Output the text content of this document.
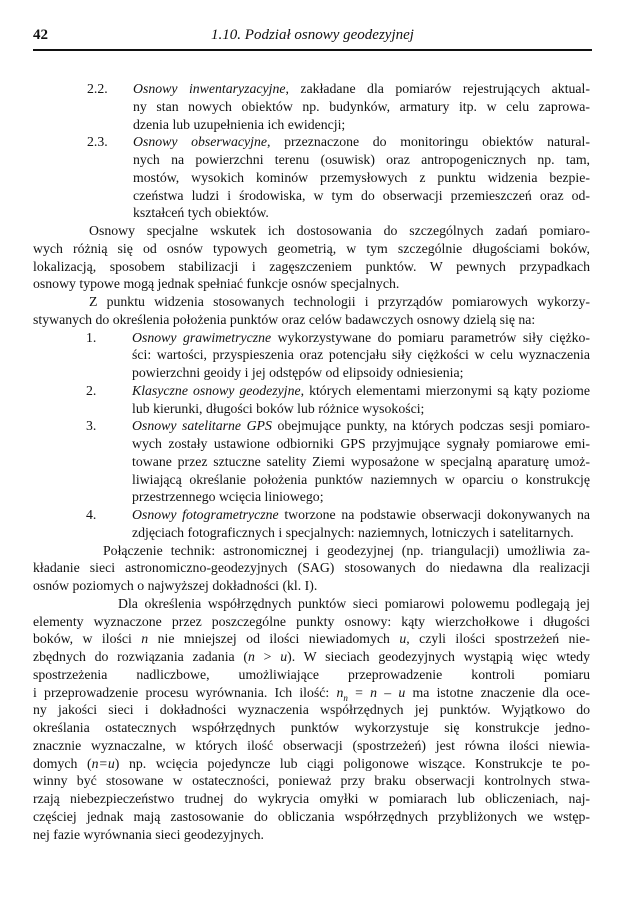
42	1.10. Podział osnowy geodezyjnej
2.2.	Osnowy inwentaryzacyjne, zakładane dla pomiarów rejestrujących aktual-
ny stan nowych obiektów np. budynków, armatury itp. w celu zaprowa-
dzenia lub uzupełnienia ich ewidencji;
2.3.	Osnowy obserwacyjne, przeznaczone do monitoringu obiektów natural-
nych na powierzchni terenu (osuwisk) oraz antropogenicznych np. tam,
mostów, wysokich kominów przemysłowych z punktu widzenia bezpie-
czeństwa ludzi i środowiska, w tym do obserwacji przemieszczeń oraz od-
kształceń tych obiektów.
Osnowy specjalne wskutek ich dostosowania do szczególnych zadań pomiaro-
wych różnią się od osnów typowych geometrią, w tym szczególnie długościami boków,
lokalizacją, sposobem stabilizacji i zagęszczeniem punktów. W pewnych przypadkach
osnowy typowe mogą jednak spełniać funkcje osnów specjalnych.
Z punktu widzenia stosowanych technologii i przyrządów pomiarowych wykorzy-
stywanych do określenia położenia punktów oraz celów badawczych osnowy dzielą się na:
1.	Osnowy grawimetryczne wykorzystywane do pomiaru parametrów siły ciężko-
ści: wartości, przyspieszenia oraz potencjału siły ciężkości w celu wyznaczenia
powierzchni geoidy i jej odstępów od elipsoidy odniesienia;
2.	Klasyczne osnowy geodezyjne, których elementami mierzonymi są kąty poziome
lub kierunki, długości boków lub różnice wysokości;
3.	Osnowy satelitarne GPS obejmujące punkty, na których podczas sesji pomiaro-
wych zostały ustawione odbiorniki GPS przyjmujące sygnały pomiarowe emi-
towane przez sztuczne satelity Ziemi wyposażone w specjalną aparaturę umoż-
liwiającą określanie położenia punktów naziemnych w oparciu o konstrukcję
przestrzennego wcięcia liniowego;
4.	Osnowy fotogrametryczne tworzone na podstawie obserwacji dokonywanych na
zdjęciach fotograficznych i specjalnych: naziemnych, lotniczych i satelitarnych.
Połączenie technik: astronomicznej i geodezyjnej (np. triangulacji) umożliwia za-
kładanie sieci astronomiczno-geodezyjnych (SAG) stosowanych do niedawna dla realizacji
osnów poziomych o najwyższej dokładności (kl. I).
Dla określenia współrzędnych punktów sieci pomiarowi polowemu podlegają jej
elementy wyznaczone przez poszczególne punkty osnowy: kąty wierzchołkowe i długości
boków, w ilości n nie mniejszej od ilości niewiadomych u, czyli ilości spostrzeżeń nie-
zbędnych do rozwiązania zadania (n > u). W sieciach geodezyjnych wystąpią więc wtedy
spostrzeżenia nadliczbowe, umożliwiające przeprowadzenie kontroli pomiaru
i przeprowadzenie procesu wyrównania. Ich ilość: $n_n = n - u$ ma istotne znaczenie dla oce-
ny jakości sieci i dokładności wyznaczenia współrzędnych jej punktów. Wyjątkowo do
określania ostatecznych współrzędnych punktów wykorzystuje się konstrukcje jedno-
znacznie wyznaczalne, w których ilość obserwacji (spostrzeżeń) jest równa ilości niewia-
domych (n=u) np. wcięcia pojedyncze lub ciągi poligonowe wiszące. Konstrukcje te po-
winny być stosowane w ostateczności, ponieważ przy braku obserwacji kontrolnych stwa-
rzają niebezpieczeństwo trudnej do wykrycia omyłki w pomiarach lub obliczeniach, naj-
częściej jednak mają zastosowanie do obliczania współrzędnych przybliżonych we wstęp-
nej fazie wyrównania sieci geodezyjnych.
